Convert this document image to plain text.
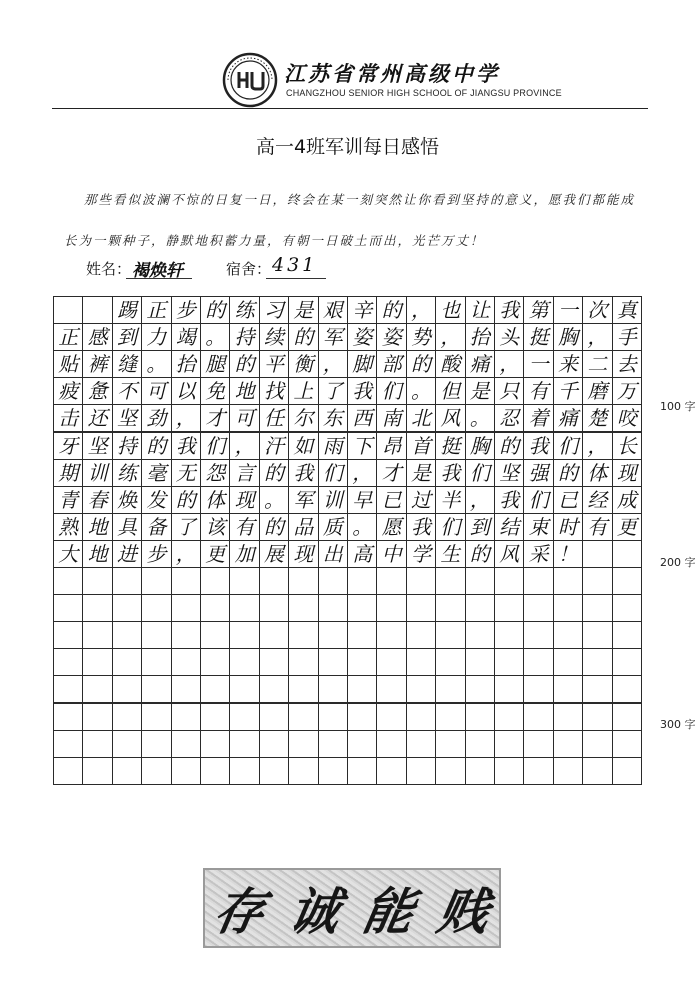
江苏省常州高级中学
CHANGZHOU SENIOR HIGH SCHOOL OF JIANGSU PROVINCE
高一4班军训每日感悟
那些看似波澜不惊的日复一日，终会在某一刻突然让你看到坚持的意义，愿我们都能成
长为一颗种子，静默地积蓄力量，有朝一日破土而出，光芒万丈！
姓名： 褐焕轩	宿舍： 431
踢 正 步 的 练 习 是 艰 辛 的 ， 也 让 我 第 一 次 真
正 感 到 力 竭 。 持 续 的 军 姿 姿 势 ， 抬 头 挺 胸 ， 手
贴 裤 缝 。 抬 腿 的 平 衡 ， 脚 部 的 酸 痛 ， 一 来 二 去
疲 惫 不 可 以 免 地 找 上 了 我 们 。 但 是 只 有 千 磨 万
击 还 坚 劲 ， 才 可 任 尔 东 西 南 北 风 。 忍 着 痛 楚 咬
牙 坚 持 的 我 们 ， 汗 如 雨 下 昂 首 挺 胸 的 我 们 ， 长
期 训 练 毫 无 怨 言 的 我 们 ， 才 是 我 们 坚 强 的 体 现
青 春 焕 发 的 体 现 。 军 训 早 已 过 半 ， 我 们 已 经 成
熟 地 具 备 了 该 有 的 品 质 。 愿 我 们 到 结 束 时 有 更
大 地 进 步 ， 更 加 展 现 出 高 中 学 生 的 风 采 ！
100 字
200 字
300 字
存 诚 能 贱
